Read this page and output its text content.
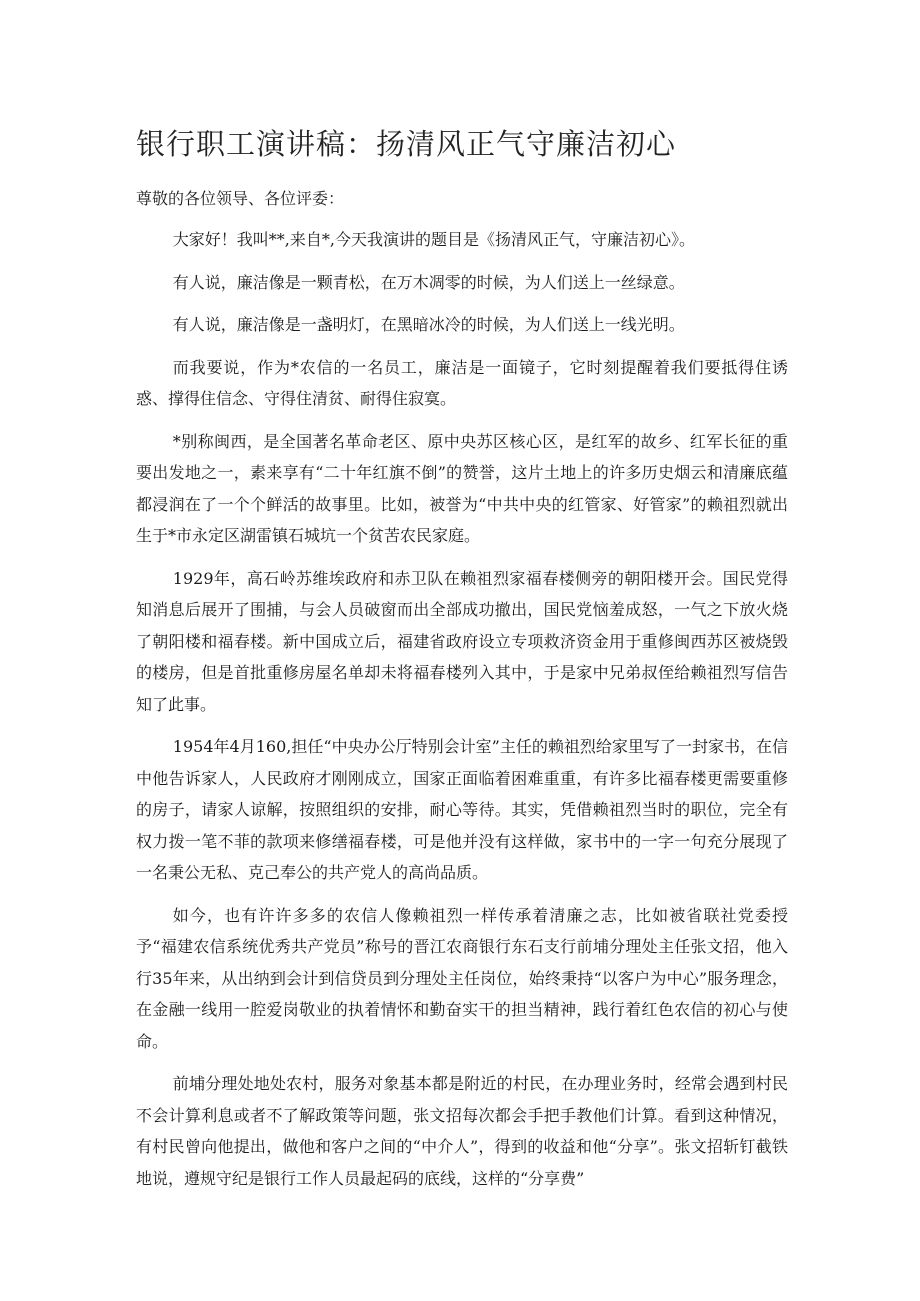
银行职工演讲稿：扬清风正气守廉洁初心

尊敬的各位领导、各位评委：

大家好！我叫**,来自*,今天我演讲的题目是《扬清风正气，守廉洁初心》。

有人说，廉洁像是一颗青松，在万木凋零的时候，为人们送上一丝绿意。

有人说，廉洁像是一盏明灯，在黑暗冰冷的时候，为人们送上一线光明。

而我要说，作为*农信的一名员工，廉洁是一面镜子，它时刻提醒着我们要抵得住诱惑、撑得住信念、守得住清贫、耐得住寂寞。

*别称闽西，是全国著名革命老区、原中央苏区核心区，是红军的故乡、红军长征的重要出发地之一，素来享有“二十年红旗不倒”的赞誉，这片土地上的许多历史烟云和清廉底蕴都浸润在了一个个鲜活的故事里。比如，被誉为“中共中央的红管家、好管家”的赖祖烈就出生于*市永定区湖雷镇石城坑一个贫苦农民家庭。

1929年，高石岭苏维埃政府和赤卫队在赖祖烈家福春楼侧旁的朝阳楼开会。国民党得知消息后展开了围捕，与会人员破窗而出全部成功撤出，国民党恼羞成怒，一气之下放火烧了朝阳楼和福春楼。新中国成立后，福建省政府设立专项救济资金用于重修闽西苏区被烧毁的楼房，但是首批重修房屋名单却未将福春楼列入其中，于是家中兄弟叔侄给赖祖烈写信告知了此事。

1954年4月160,担任“中央办公厅特别会计室”主任的赖祖烈给家里写了一封家书，在信中他告诉家人，人民政府才刚刚成立，国家正面临着困难重重，有许多比福春楼更需要重修的房子，请家人谅解，按照组织的安排，耐心等待。其实，凭借赖祖烈当时的职位，完全有权力拨一笔不菲的款项来修缮福春楼，可是他并没有这样做，家书中的一字一句充分展现了一名秉公无私、克己奉公的共产党人的高尚品质。

如今，也有许许多多的农信人像赖祖烈一样传承着清廉之志，比如被省联社党委授予“福建农信系统优秀共产党员”称号的晋江农商银行东石支行前埔分理处主任张文招，他入行35年来，从出纳到会计到信贷员到分理处主任岗位，始终秉持“以客户为中心”服务理念，在金融一线用一腔爱岗敬业的执着情怀和勤奋实干的担当精神，践行着红色农信的初心与使命。

前埔分理处地处农村，服务对象基本都是附近的村民，在办理业务时，经常会遇到村民不会计算利息或者不了解政策等问题，张文招每次都会手把手教他们计算。看到这种情况，有村民曾向他提出，做他和客户之间的“中介人”，得到的收益和他“分享”。张文招斩钉截铁地说，遵规守纪是银行工作人员最起码的底线，这样的“分享费”
